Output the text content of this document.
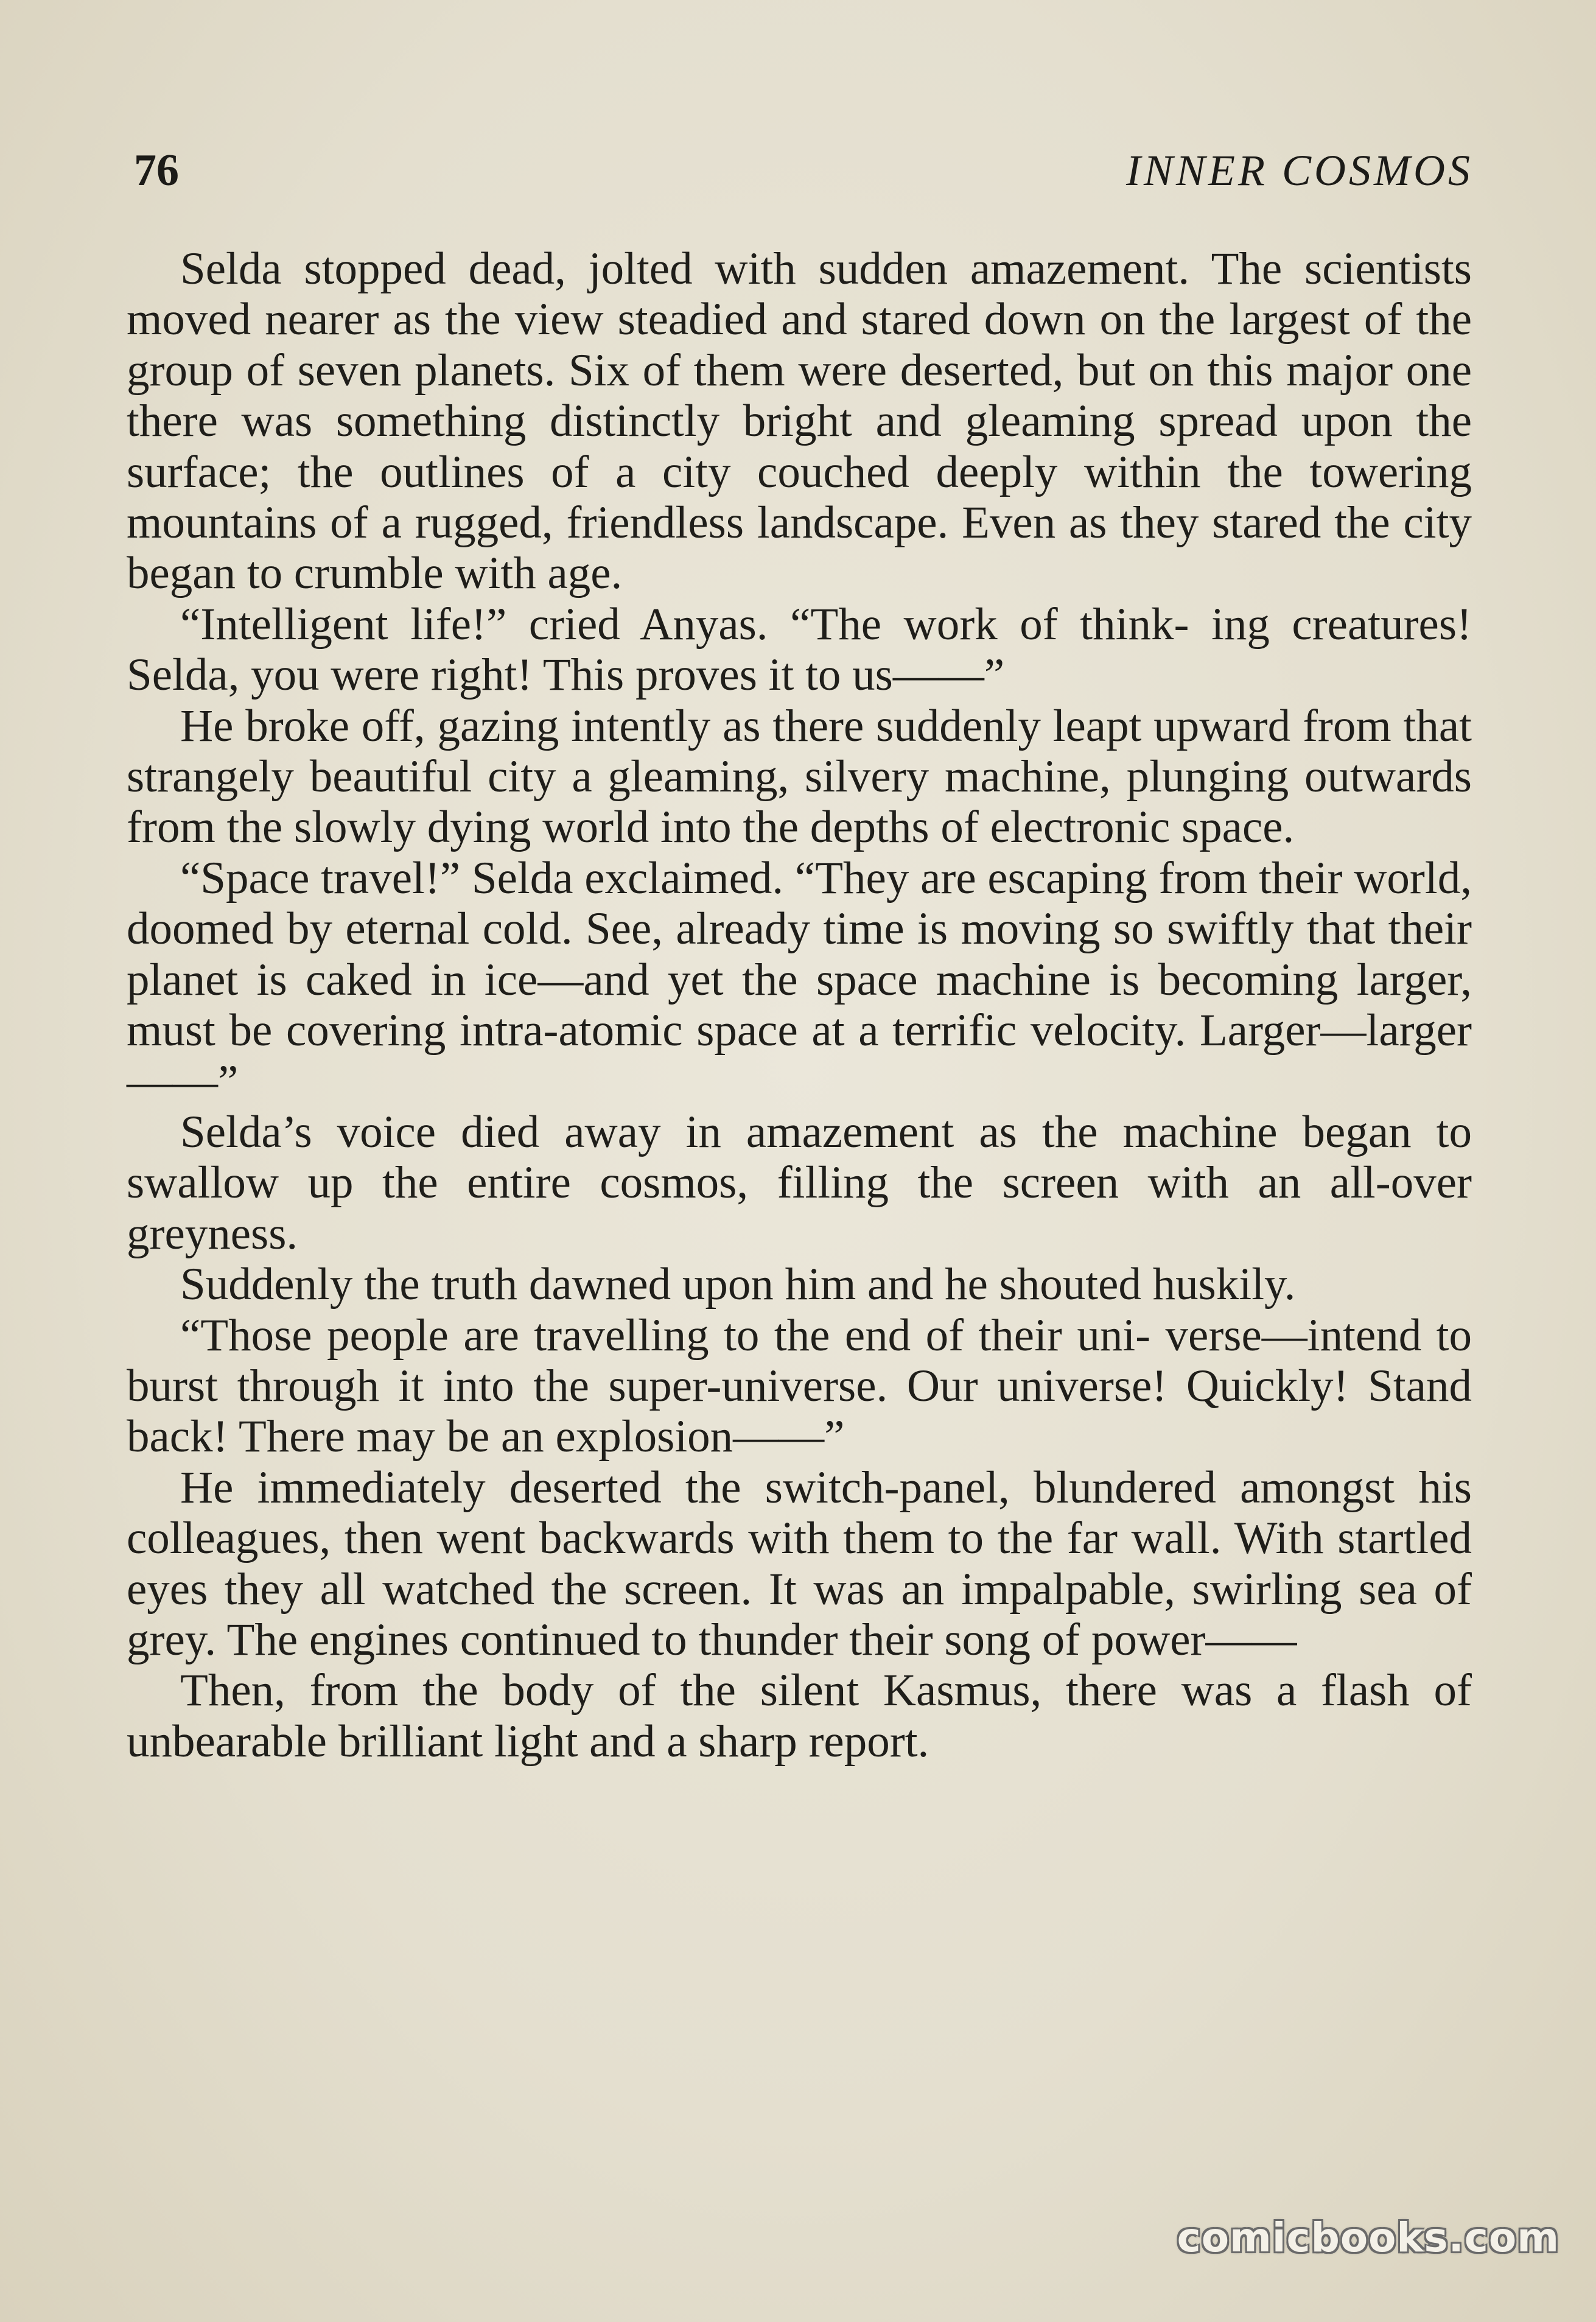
76	INNER COSMOS

Selda stopped dead, jolted with sudden amazement. The scientists moved nearer as the view steadied and stared down on the largest of the group of seven planets. Six of them were deserted, but on this major one there was something distinctly bright and gleaming spread upon the surface; the outlines of a city couched deeply within the towering mountains of a rugged, friendless landscape. Even as they stared the city began to crumble with age.

“Intelligent life!” cried Anyas. “The work of think- ing creatures! Selda, you were right! This proves it to us——”

He broke off, gazing intently as there suddenly leapt upward from that strangely beautiful city a gleaming, silvery machine, plunging outwards from the slowly dying world into the depths of electronic space.

“Space travel!” Selda exclaimed. “They are escaping from their world, doomed by eternal cold. See, already time is moving so swiftly that their planet is caked in ice—and yet the space machine is becoming larger, must be covering intra-atomic space at a terrific velocity. Larger—larger——”

Selda’s voice died away in amazement as the machine began to swallow up the entire cosmos, filling the screen with an all-over greyness.

Suddenly the truth dawned upon him and he shouted huskily.

“Those people are travelling to the end of their uni- verse—intend to burst through it into the super-universe. Our universe! Quickly! Stand back! There may be an explosion——”

He immediately deserted the switch-panel, blundered amongst his colleagues, then went backwards with them to the far wall. With startled eyes they all watched the screen. It was an impalpable, swirling sea of grey. The engines continued to thunder their song of power——

Then, from the body of the silent Kasmus, there was a flash of unbearable brilliant light and a sharp report.

comicbooks.com
